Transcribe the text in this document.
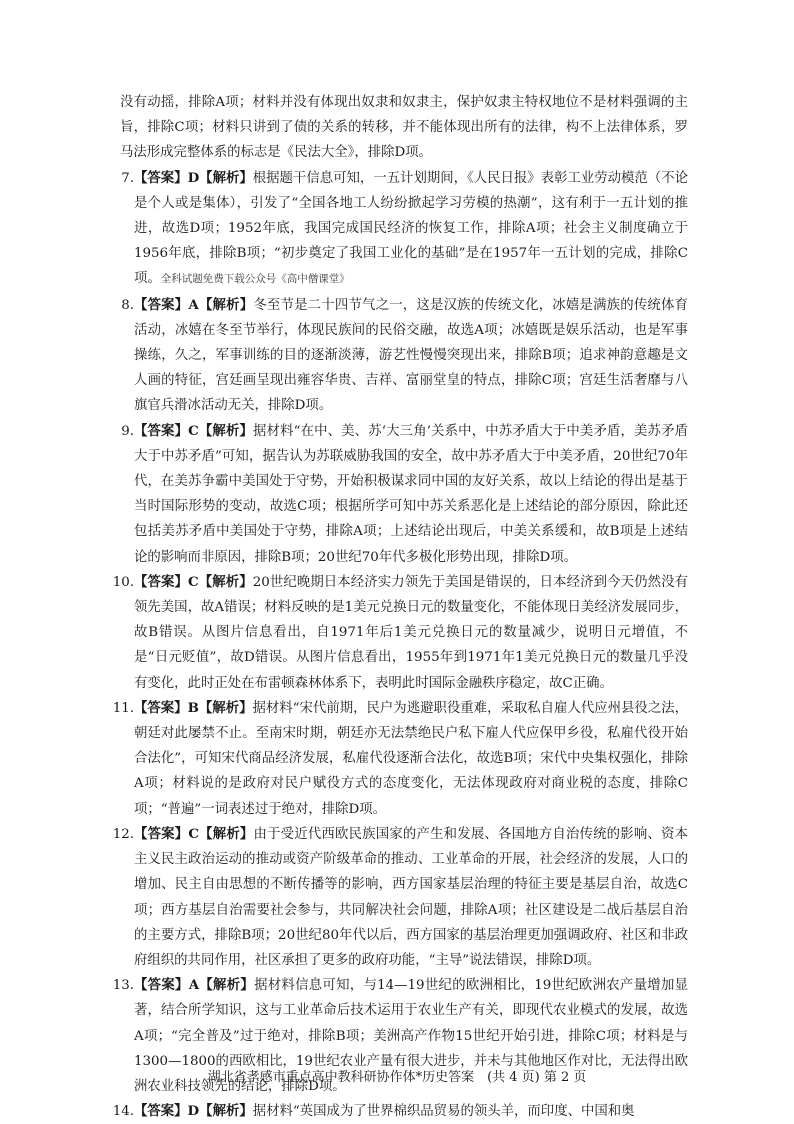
没有动摇，排除A项；材料并没有体现出奴隶和奴隶主，保护奴隶主特权地位不是材料强调的主旨，排除C项；材料只讲到了债的关系的转移，并不能体现出所有的法律，构不上法律体系，罗马法形成完整体系的标志是《民法大全》，排除D项。

7. 【答案】D【解析】根据题干信息可知，一五计划期间，《人民日报》表彰工业劳动模范（不论是个人或是集体），引发了“全国各地工人纷纷掀起学习劳模的热潮”，这有利于一五计划的推进，故选D项；1952年底，我国完成国民经济的恢复工作，排除A项；社会主义制度确立于1956年底，排除B项；“初步奠定了我国工业化的基础”是在1957年一五计划的完成，排除C项。全科试题免费下载公众号《高中僧课堂》
8. 【答案】A【解析】冬至节是二十四节气之一，这是汉族的传统文化，冰嬉是满族的传统体育活动，冰嬉在冬至节举行，体现民族间的民俗交融，故选A项；冰嬉既是娱乐活动，也是军事操练，久之，军事训练的目的逐渐淡薄，游艺性慢慢突现出来，排除B项；追求神韵意趣是文人画的特征，宫廷画呈现出雍容华贵、吉祥、富丽堂皇的特点，排除C项；宫廷生活奢靡与八旗官兵滑冰活动无关，排除D项。
9. 【答案】C【解析】据材料“在中、美、苏‘大三角’关系中，中苏矛盾大于中美矛盾，美苏矛盾大于中苏矛盾”可知，据告认为苏联威胁我国的安全，故中苏矛盾大于中美矛盾，20世纪70年代，在美苏争霸中美国处于守势，开始积极谋求同中国的友好关系，故以上结论的得出是基于当时国际形势的变动，故选C项；根据所学可知中苏关系恶化是上述结论的部分原因，除此还包括美苏矛盾中美国处于守势，排除A项；上述结论出现后，中美关系缓和，故B项是上述结论的影响而非原因，排除B项；20世纪70年代多极化形势出现，排除D项。
10. 【答案】C【解析】20世纪晚期日本经济实力领先于美国是错误的，日本经济到今天仍然没有领先美国，故A错误；材料反映的是1美元兑换日元的数量变化，不能体现日美经济发展同步，故B错误。从图片信息看出，自1971年后1美元兑换日元的数量减少，说明日元增值，不是“日元贬值”，故D错误。从图片信息看出，1955年到1971年1美元兑换日元的数量几乎没有变化，此时正处在布雷顿森林体系下，表明此时国际金融秩序稳定，故C正确。
11. 【答案】B【解析】据材料“宋代前期，民户为逃避职役重难，采取私自雇人代应州县役之法，朝廷对此屡禁不止。至南宋时期，朝廷亦无法禁绝民户私下雇人代应保甲乡役，私雇代役开始合法化”，可知宋代商品经济发展，私雇代役逐渐合法化，故选B项；宋代中央集权强化，排除A项；材料说的是政府对民户赋役方式的态度变化，无法体现政府对商业税的态度，排除C项；“普遍”一词表述过于绝对，排除D项。
12. 【答案】C【解析】由于受近代西欧民族国家的产生和发展、各国地方自治传统的影响、资本主义民主政治运动的推动或资产阶级革命的推动、工业革命的开展，社会经济的发展，人口的增加、民主自由思想的不断传播等的影响，西方国家基层治理的特征主要是基层自治，故选C项；西方基层自治需要社会参与，共同解决社会问题，排除A项；社区建设是二战后基层自治的主要方式，排除B项；20世纪80年代以后，西方国家的基层治理更加强调政府、社区和非政府组织的共同作用，社区承担了更多的政府功能，“主导”说法错误，排除D项。
13. 【答案】A【解析】据材料信息可知，与14—19世纪的欧洲相比，19世纪欧洲农产量增加显著，结合所学知识，这与工业革命后技术运用于农业生产有关，即现代农业模式的发展，故选A项；“完全普及”过于绝对，排除B项；美洲高产作物15世纪开始引进，排除C项；材料是与1300—1800的西欧相比，19世纪农业产量有很大进步，并未与其他地区作对比，无法得出欧洲农业科技领先的结论，排除D项。
14. 【答案】D【解析】据材料“英国成为了世界棉织品贸易的领头羊，而印度、中国和奥
湖北省孝感市重点高中教科研协作体*历史答案　(共 4 页) 第 2 页
